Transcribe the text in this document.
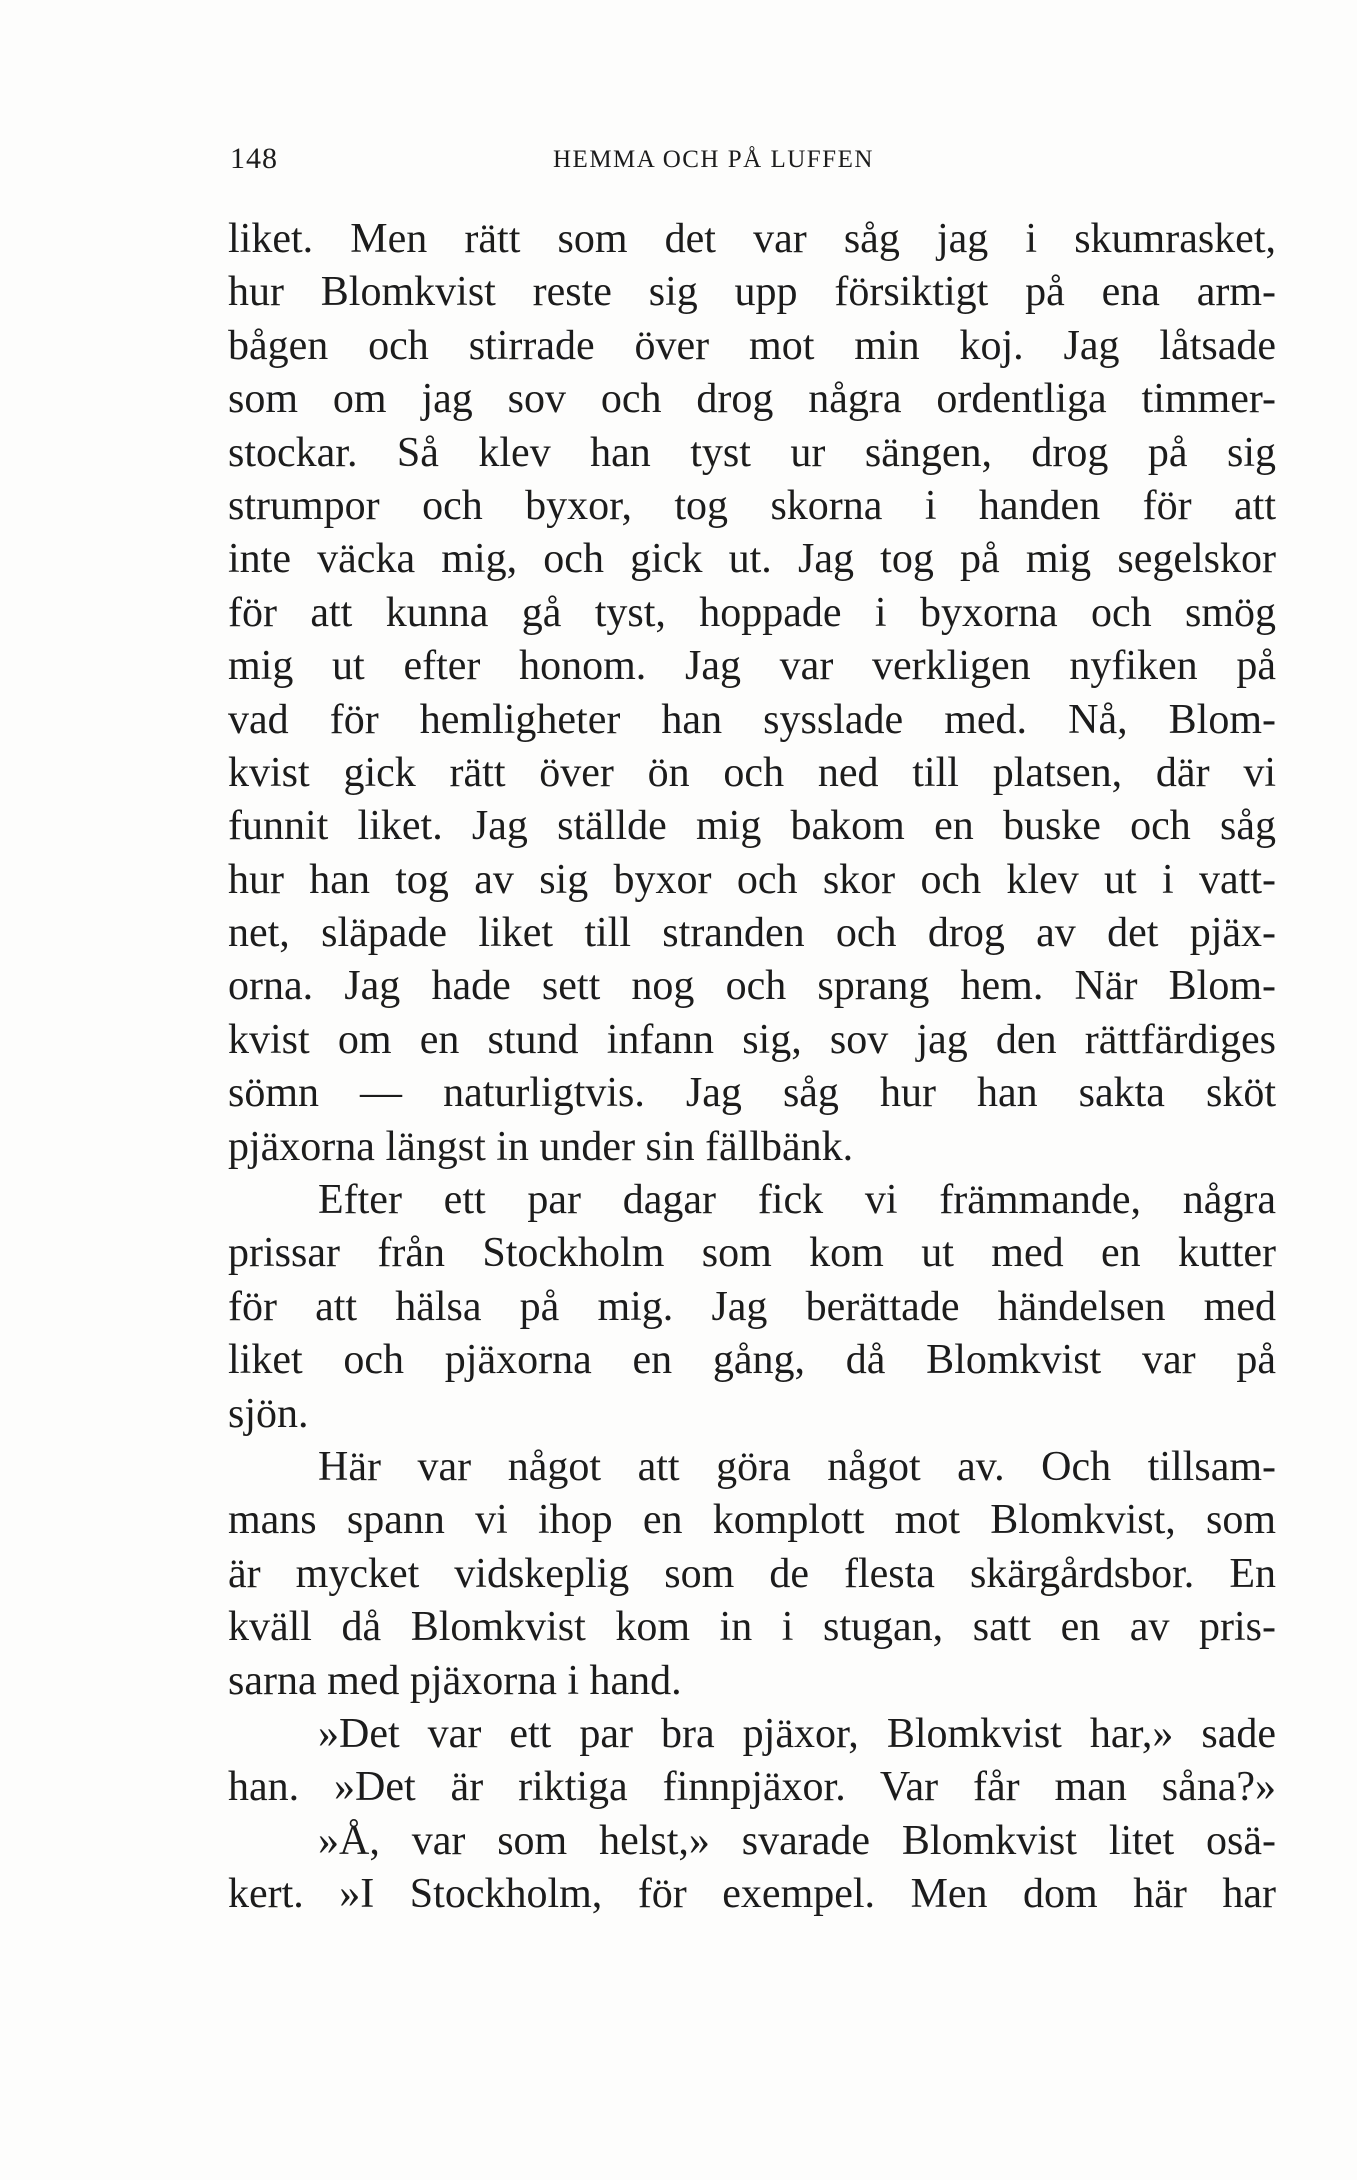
148	HEMMA OCH PÅ LUFFEN
liket. Men rätt som det var såg jag i skumrasket,
hur Blomkvist reste sig upp försiktigt på ena arm-
bågen och stirrade över mot min koj. Jag låtsade
som om jag sov och drog några ordentliga timmer-
stockar. Så klev han tyst ur sängen, drog på sig
strumpor och byxor, tog skorna i handen för att
inte väcka mig, och gick ut. Jag tog på mig segelskor
för att kunna gå tyst, hoppade i byxorna och smög
mig ut efter honom. Jag var verkligen nyfiken på
vad för hemligheter han sysslade med. Nå, Blom-
kvist gick rätt över ön och ned till platsen, där vi
funnit liket. Jag ställde mig bakom en buske och såg
hur han tog av sig byxor och skor och klev ut i vatt-
net, släpade liket till stranden och drog av det pjäx-
orna. Jag hade sett nog och sprang hem. När Blom-
kvist om en stund infann sig, sov jag den rättfärdiges
sömn — naturligtvis. Jag såg hur han sakta sköt
pjäxorna längst in under sin fällbänk.
Efter ett par dagar fick vi främmande, några
prissar från Stockholm som kom ut med en kutter
för att hälsa på mig. Jag berättade händelsen med
liket och pjäxorna en gång, då Blomkvist var på
sjön.
Här var något att göra något av. Och tillsam-
mans spann vi ihop en komplott mot Blomkvist, som
är mycket vidskeplig som de flesta skärgårdsbor. En
kväll då Blomkvist kom in i stugan, satt en av pris-
sarna med pjäxorna i hand.
»Det var ett par bra pjäxor, Blomkvist har,» sade
han. »Det är riktiga finnpjäxor. Var får man såna?»
»Å, var som helst,» svarade Blomkvist litet osä-
kert. »I Stockholm, för exempel. Men dom här har
